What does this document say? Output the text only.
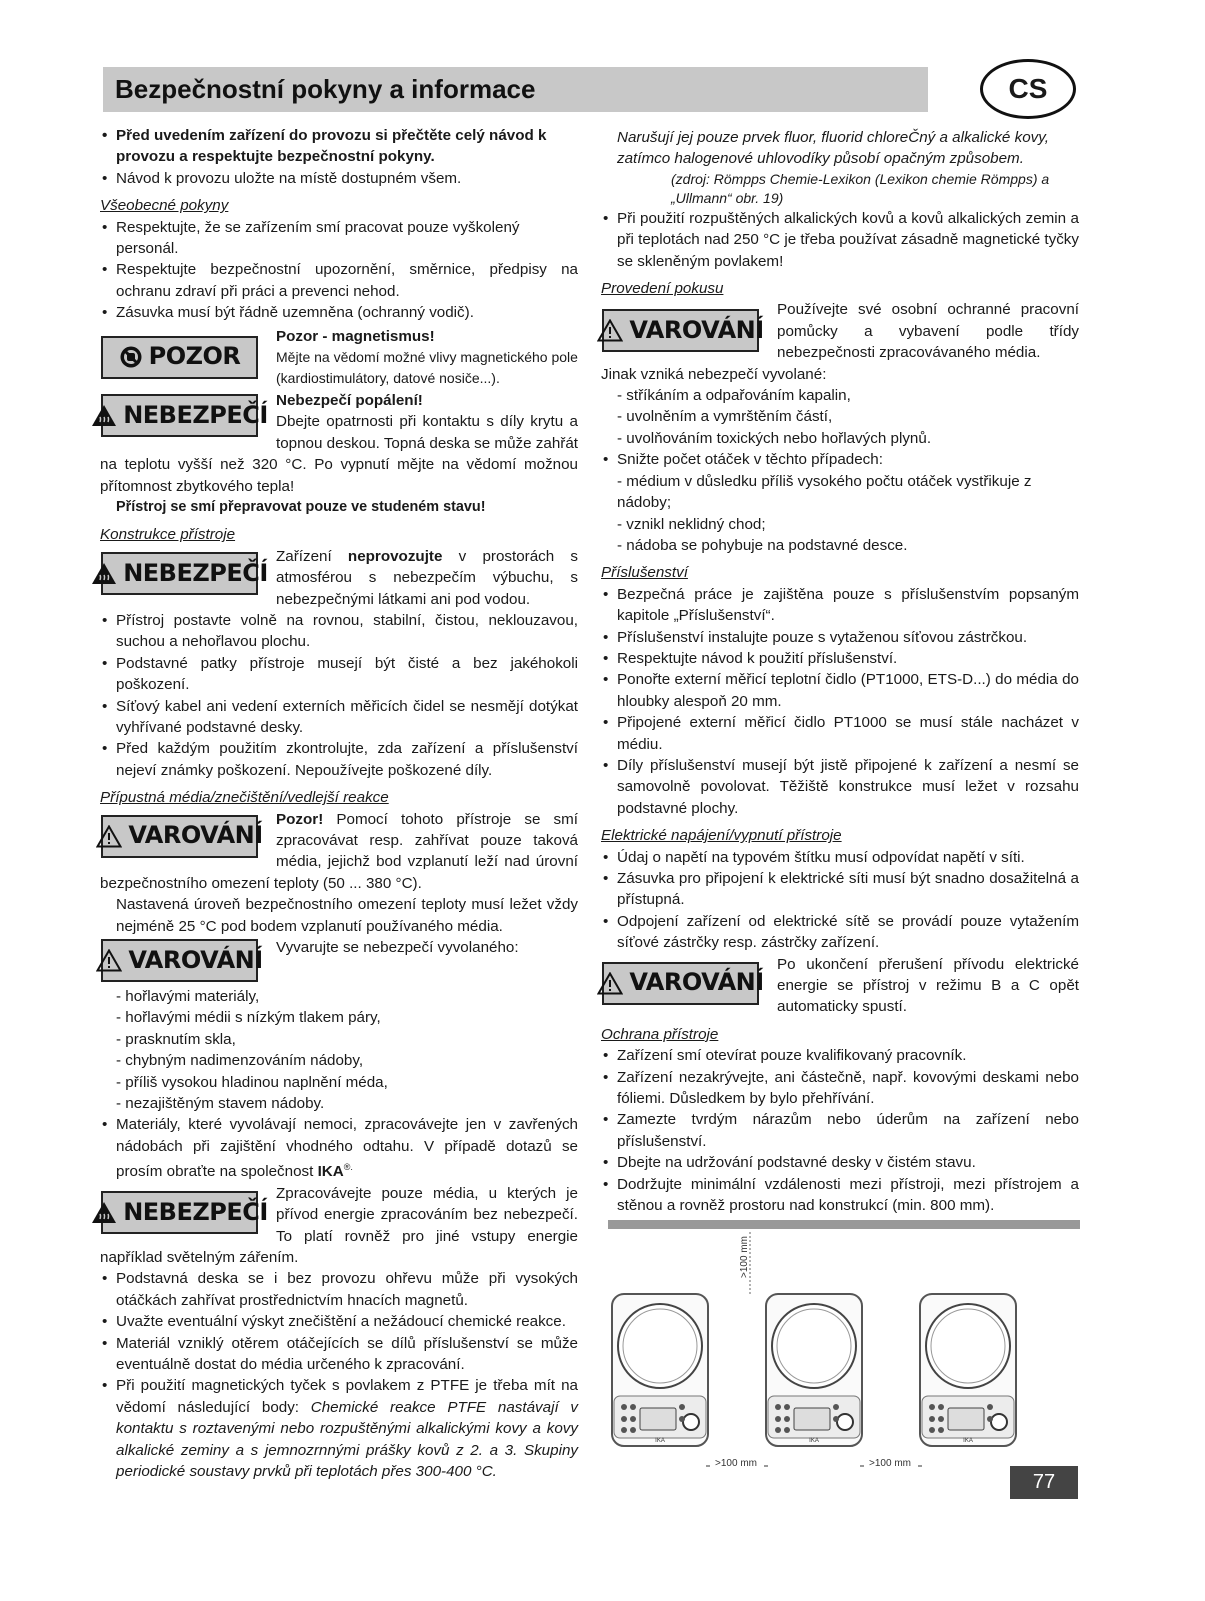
Bezpečnostní pokyny a informace	CS

• Před uvedením zařízení do provozu si přečtěte celý návod k provozu a respektujte bezpečnostní pokyny.

• Návod k provozu uložte na místě dostupném všem.

Všeobecné pokyny

• Respektujte, že se zařízením smí pracovat pouze vyškolený personál.

• Respektujte bezpečnostní upozornění, směrnice, předpisy na ochranu zdraví při práci a prevenci nehod.

• Zásuvka musí být řádně uzemněna (ochranný vodič).

POZOR

Pozor - magnetismus!

Mějte na vědomí možné vlivy magnetického pole (kardiostimulátory, datové nosiče...).

NEBEZPEČÍ

Nebezpečí popálení!

Dbejte opatrnosti při kontaktu s díly krytu a topnou deskou. Topná deska se může zahřát na teplotu vyšší než 320 °C. Po vypnutí mějte na vědomí možnou přítomnost zbytkového tepla!

Přístroj se smí přepravovat pouze ve studeném stavu!

Konstrukce přístroje

NEBEZPEČÍ

Zařízení neprovozujte v prostorách s atmosférou s nebezpečím výbuchu, s nebezpečnými látkami ani pod vodou.

• Přístroj postavte volně na rovnou, stabilní, čistou, neklouzavou, suchou a nehořlavou plochu.

• Podstavné patky přístroje musejí být čisté a bez jakéhokoli poškození.

• Síťový kabel ani vedení externích měřicích čidel se nesmějí dotýkat vyhřívané podstavné desky.

• Před každým použitím zkontrolujte, zda zařízení a příslušenství nejeví známky poškození. Nepoužívejte poškozené díly.

Přípustná média/znečištění/vedlejší reakce

VAROVÁNÍ

Pozor! Pomocí tohoto přístroje se smí zpracovávat resp. zahřívat pouze taková média, jejichž bod vzplanutí leží nad úrovní bezpečnostního omezení teploty (50 ... 380 °C).

Nastavená úroveň bezpečnostního omezení teploty musí ležet vždy nejméně 25 °C pod bodem vzplanutí používaného média.

VAROVÁNÍ Vyvarujte se nebezpečí vyvolaného:

- hořlavými materiály,

- hořlavými médii s nízkým tlakem páry,

- prasknutím skla,

- chybným nadimenzováním nádoby,

- příliš vysokou hladinou naplnění méda,

- nezajištěným stavem nádoby.

• Materiály, které vyvolávají nemoci, zpracovávejte jen v zavřených nádobách při zajištění vhodného odtahu. V případě dotazů se prosím obraťte na společnost IKA®.

NEBEZPEČÍ

Zpracovávejte pouze média, u kterých je přívod energie zpracováním bez nebezpečí. To platí rovněž pro jiné vstupy energie například světelným zářením.

• Podstavná deska se i bez provozu ohřevu může při vysokých otáčkách zahřívat prostřednictvím hnacích magnetů.

• Uvažte eventuální výskyt znečištění a nežádoucí chemické reakce.

• Materiál vzniklý otěrem otáčejících se dílů příslušenství se může eventuálně dostat do média určeného k zpracování.

• Při použití magnetických tyček s povlakem z PTFE je třeba mít na vědomí následující body: Chemické reakce PTFE nastávají v kontaktu s roztavenými nebo rozpuštěnými alkalickými kovy a kovy alkalické zeminy a s jemnozrnnými prášky kovů z 2. a 3. Skupiny periodické soustavy prvků při teplotách přes 300-400 °C.

Narušují jej pouze prvek fluor, fluorid chloreČný a alkalické kovy, zatímco halogenové uhlovodíky působí opačným způsobem.

(zdroj: Römpps Chemie-Lexikon (Lexikon chemie Römpps) a „Ullmann“ obr. 19)

• Při použití rozpuštěných alkalických kovů a kovů alkalických zemin a při teplotách nad 250 °C je třeba používat zásadně magnetické tyčky se skleněným povlakem!

Provedení pokusu

VAROVÁNÍ

Používejte své osobní ochranné pracovní pomůcky a vybavení podle třídy nebezpečnosti zpracovávaného média.

Jinak vzniká nebezpečí vyvolané:

- stříkáním a odpařováním kapalin,

- uvolněním a vymrštěním částí,

- uvolňováním toxických nebo hořlavých plynů.

• Snižte počet otáček v těchto případech:

- médium v důsledku příliš vysokého počtu otáček vystřikuje z nádoby;

- vznikl neklidný chod;

- nádoba se pohybuje na podstavné desce.

Příslušenství

• Bezpečná práce je zajištěna pouze s příslušenstvím popsaným kapitole „Příslušenství“.

• Příslušenství instalujte pouze s vytaženou síťovou zástrčkou.

• Respektujte návod k použití příslušenství.

• Ponořte externí měřicí teplotní čidlo (PT1000, ETS-D...) do média do hloubky alespoň 20 mm.

• Připojené externí měřicí čidlo PT1000 se musí stále nacházet v médiu.

• Díly příslušenství musejí být jistě připojené k zařízení a nesmí se samovolně povolovat. Těžiště konstrukce musí ležet v rozsahu podstavné plochy.

Elektrické napájení/vypnutí přístroje

• Údaj o napětí na typovém štítku musí odpovídat napětí v síti.

• Zásuvka pro připojení k elektrické síti musí být snadno dosažitelná a přístupná.

• Odpojení zařízení od elektrické sítě se provádí pouze vytažením síťové zástrčky resp. zástrčky zařízení.

VAROVÁNÍ

Po ukončení přerušení přívodu elektrické energie se přístroj v režimu B a C opět automaticky spustí.

Ochrana přístroje

• Zařízení smí otevírat pouze kvalifikovaný pracovník.

• Zařízení nezakrývejte, ani částečně, např. kovovými deskami nebo fóliemi. Důsledkem by bylo přehřívání.

• Zamezte tvrdým nárazům nebo úderům na zařízení nebo příslušenství.

• Dbejte na udržování podstavné desky v čistém stavu.

• Dodržujte minimální vzdálenosti mezi přístroji, mezi přístrojem a stěnou a rovněž prostoru nad konstrukcí (min. 800 mm).

>100 mm
IKA	IKA	IKA
>100 mm	>100 mm
77
